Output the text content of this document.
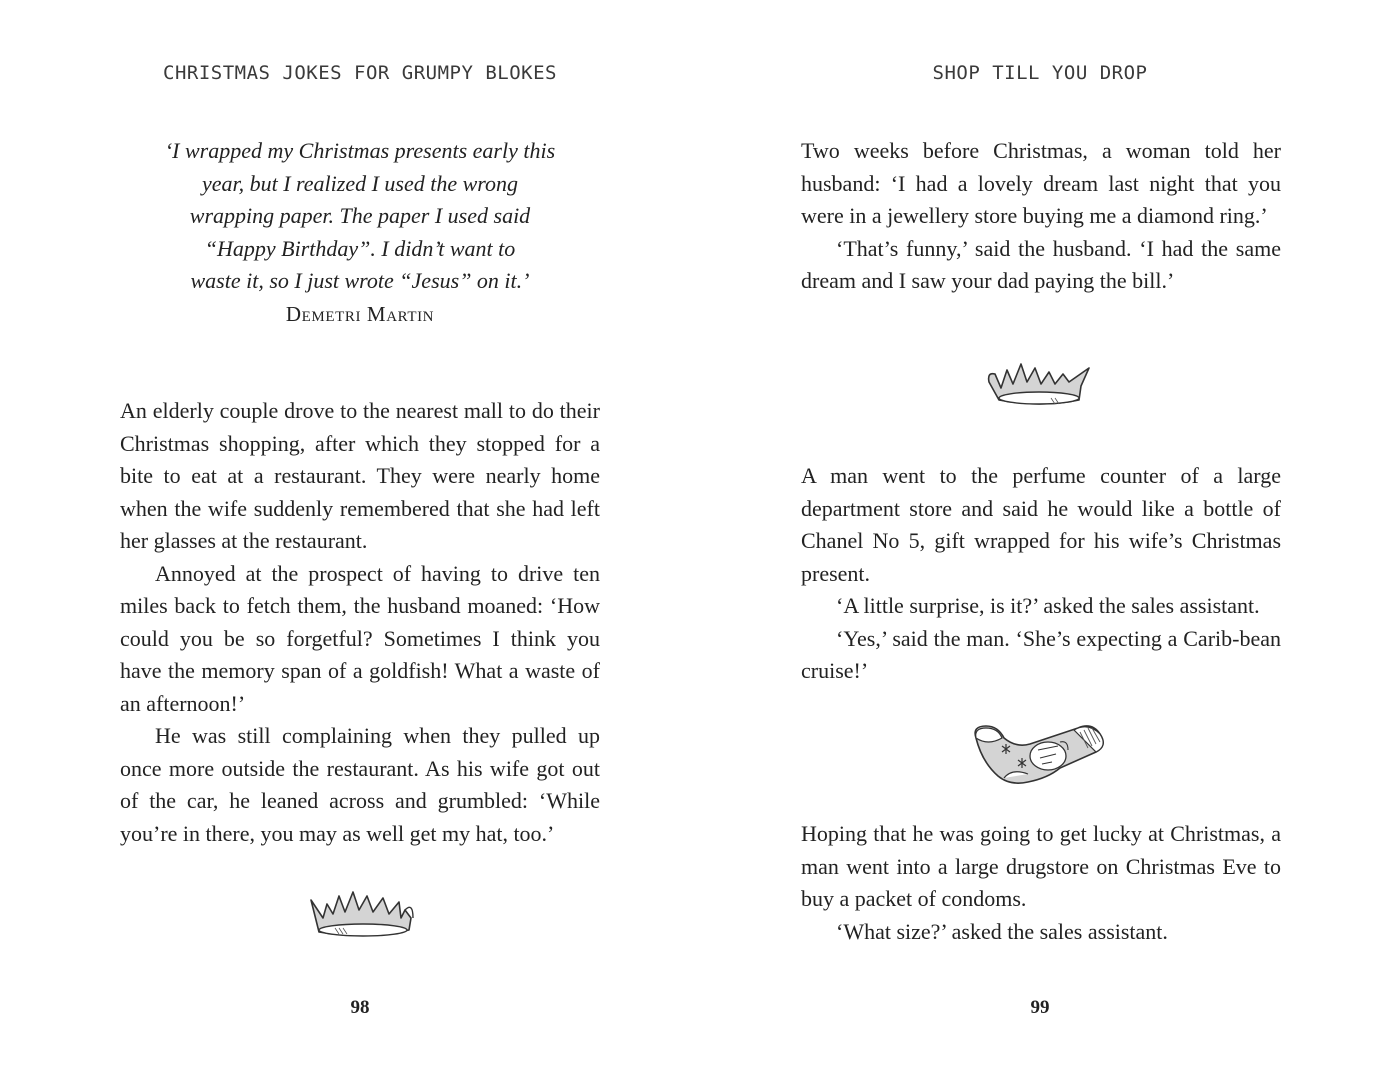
CHRISTMAS JOKES FOR GRUMPY BLOKES
‘I wrapped my Christmas presents early this
year, but I realized I used the wrong
wrapping paper. The paper I used said
“Happy Birthday”. I didn’t want to
waste it, so I just wrote “Jesus” on it.’
Demetri Martin

An elderly couple drove to the nearest mall to do their Christmas shopping, after which they stopped for a bite to eat at a restaurant. They were nearly home when the wife suddenly remembered that she had left her glasses at the restaurant.

Annoyed at the prospect of having to drive ten miles back to fetch them, the husband moaned: ‘How could you be so forgetful? Sometimes I think you have the memory span of a goldfish! What a waste of an afternoon!’

He was still complaining when they pulled up once more outside the restaurant. As his wife got out of the car, he leaned across and grumbled: ‘While you’re in there, you may as well get my hat, too.’

98
SHOP TILL YOU DROP

Two weeks before Christmas, a woman told her husband: ‘I had a lovely dream last night that you were in a jewellery store buying me a diamond ring.’

‘That’s funny,’ said the husband. ‘I had the same dream and I saw your dad paying the bill.’

A man went to the perfume counter of a large department store and said he would like a bottle of Chanel No 5, gift wrapped for his wife’s Christmas present.

‘A little surprise, is it?’ asked the sales assistant.

‘Yes,’ said the man. ‘She’s expecting a Carib-bean cruise!’

Hoping that he was going to get lucky at Christmas, a man went into a large drugstore on Christmas Eve to buy a packet of condoms.

‘What size?’ asked the sales assistant.

99
